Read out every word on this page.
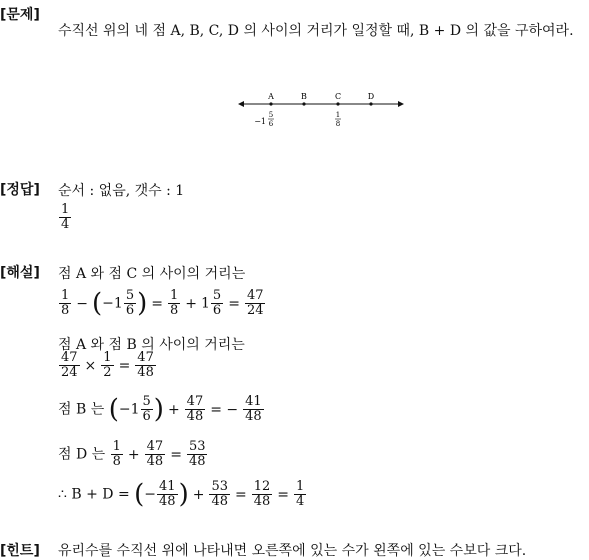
[문제]
수직선 위의 네 점 A, B, C, D 의 사이의 거리가 일정할 때, B + D 의 값을 구하여라.
A	B	C	D
−1
5
6
1
8
[정답] 순서 : 없음, 갯수 : 1
$\frac{1}{4}$
[해설] 점 A 와 점 C 의 사이의 거리는
$\frac{1}{8} - (-1 \frac{5}{6}$ ) = $\frac{1}{8} + 1 \frac{5}{6} = \frac{47}{24}$
점 A 와 점 B 의 사이의 거리는
$\frac{47}{24} \times \frac{1}{2} = \frac{47}{48}$
점 B 는 ($-1 \frac{5}{6}$ ) + $\frac{47}{48}$ = − $\frac{41}{48}$
점 D 는 $\frac{1}{8} + \frac{47}{48} = \frac{53}{48}$
∴ B + D = (− $\frac{41}{48}$ ) + $\frac{53}{48} = \frac{12}{48} = \frac{1}{4}$
[힌트] 유리수를 수직선 위에 나타내면 오른쪽에 있는 수가 왼쪽에 있는 수보다 크다.
